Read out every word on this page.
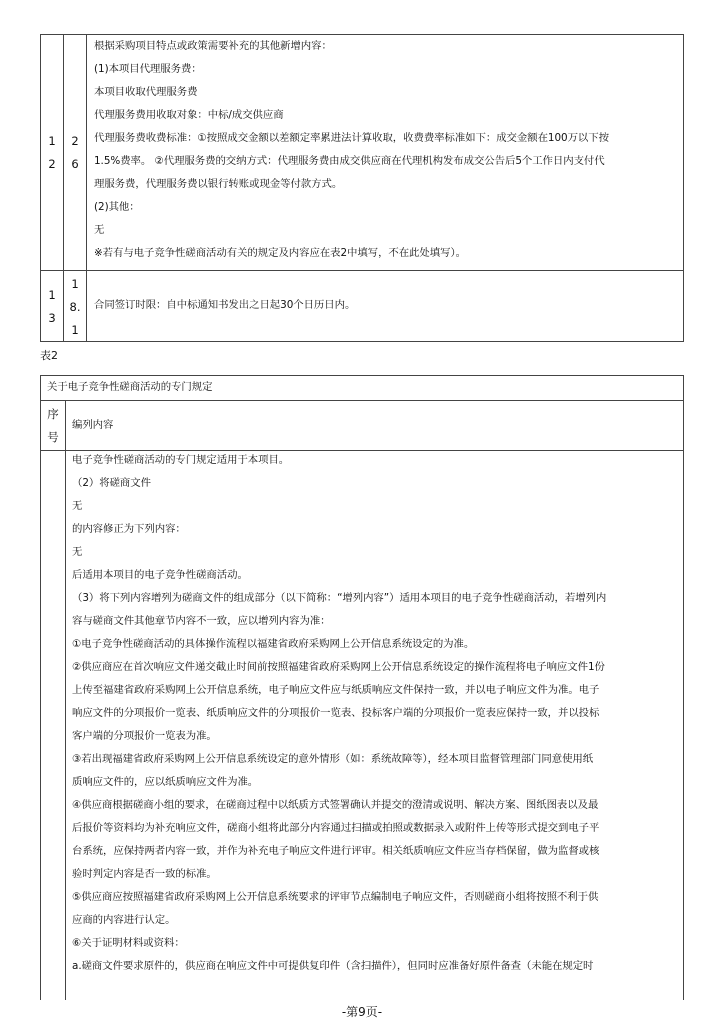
1
2
2
6
根据采购项目特点或政策需要补充的其他新增内容：
(1)本项目代理服务费：
本项目收取代理服务费
代理服务费用收取对象：中标/成交供应商
代理服务费收费标准：①按照成交金额以差额定率累进法计算收取，收费费率标准如下：成交金额在100万以下按
1.5%费率。 ②代理服务费的交纳方式：代理服务费由成交供应商在代理机构发布成交公告后5个工作日内支付代
理服务费，代理服务费以银行转账或现金等付款方式。
(2)其他：
无
※若有与电子竞争性磋商活动有关的规定及内容应在表2中填写，不在此处填写）。
1
3
1
8.
1
合同签订时限：自中标通知书发出之日起30个日历日内。
表2
关于电子竞争性磋商活动的专门规定
序
号
编列内容
电子竞争性磋商活动的专门规定适用于本项目。
（2）将磋商文件
无
的内容修正为下列内容：
无
后适用本项目的电子竞争性磋商活动。
（3）将下列内容增列为磋商文件的组成部分（以下简称：“增列内容”）适用本项目的电子竞争性磋商活动，若增列内
容与磋商文件其他章节内容不一致，应以增列内容为准：
①电子竞争性磋商活动的具体操作流程以福建省政府采购网上公开信息系统设定的为准。
②供应商应在首次响应文件递交截止时间前按照福建省政府采购网上公开信息系统设定的操作流程将电子响应文件1份
上传至福建省政府采购网上公开信息系统，电子响应文件应与纸质响应文件保持一致，并以电子响应文件为准。电子
响应文件的分项报价一览表、纸质响应文件的分项报价一览表、投标客户端的分项报价一览表应保持一致，并以投标
客户端的分项报价一览表为准。
③若出现福建省政府采购网上公开信息系统设定的意外情形（如：系统故障等），经本项目监督管理部门同意使用纸
质响应文件的，应以纸质响应文件为准。
④供应商根据磋商小组的要求，在磋商过程中以纸质方式签署确认并提交的澄清或说明、解决方案、图纸图表以及最
后报价等资料均为补充响应文件，磋商小组将此部分内容通过扫描或拍照或数据录入或附件上传等形式提交到电子平
台系统，应保持两者内容一致，并作为补充电子响应文件进行评审。相关纸质响应文件应当存档保留，做为监督或核
验时判定内容是否一致的标准。
⑤供应商应按照福建省政府采购网上公开信息系统要求的评审节点编制电子响应文件，否则磋商小组将按照不利于供
应商的内容进行认定。
⑥关于证明材料或资料：
a.磋商文件要求原件的，供应商在响应文件中可提供复印件（含扫描件），但同时应准备好原件备查（未能在规定时
-第9页-
